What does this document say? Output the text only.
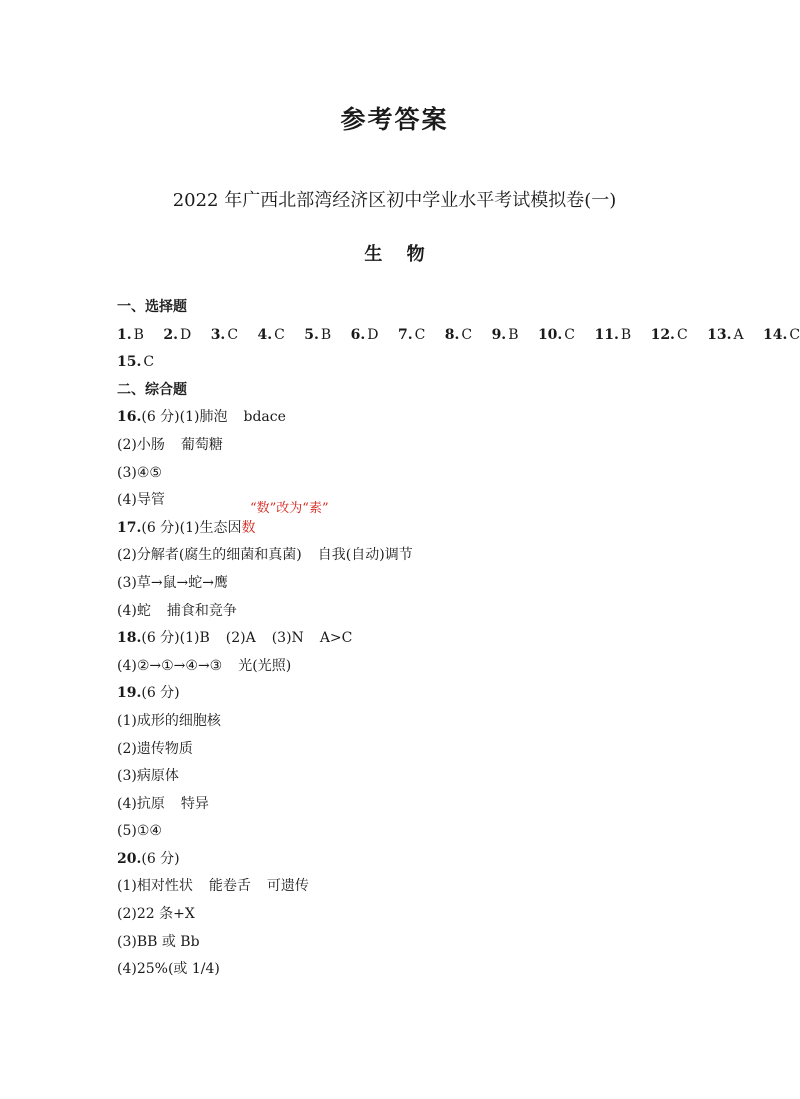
参考答案
2022 年广西北部湾经济区初中学业水平考试模拟卷(一)
生 物
一、选择题
1. B 2. D 3. C 4. C 5. B 6. D 7. C 8. C 9. B 10. C 11. B 12. C 13. A 14. C
15. C
二、综合题
16.(6 分)(1)肺泡 bdace
(2)小肠 葡萄糖
(3)④⑤
(4)导管
17.(6 分)(1)生态因数
“数”改为“素”
(2)分解者(腐生的细菌和真菌) 自我(自动)调节
(3)草→鼠→蛇→鹰
(4)蛇 捕食和竞争
18.(6 分)(1)B (2)A (3)N A>C
(4)②→①→④→③ 光(光照)
19.(6 分)
(1)成形的细胞核
(2)遗传物质
(3)病原体
(4)抗原 特异
(5)①④
20.(6 分)
(1)相对性状 能卷舌 可遗传
(2)22 条+X
(3)BB 或 Bb
(4)25%(或 1/4)
